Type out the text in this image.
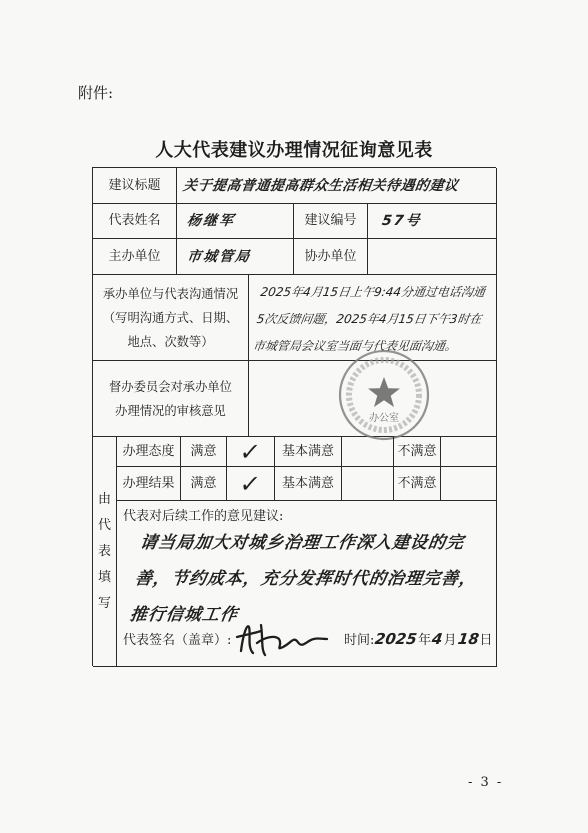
附件:
人大代表建议办理情况征询意见表
建议标题	关于提高普通提高群众生活相关待遇的建议
代表姓名	杨继军	建议编号	57号
主办单位	市城管局	协办单位
承办单位与代表沟通情况（写明沟通方式、日期、地点、次数等）
2025年4月15日上午9:44分通过电话沟通5次反馈问题，2025年4月15日下午3时在市城管局会议室当面与代表见面沟通。
督办委员会对承办单位办理情况的审核意见
办公室
由代表填写
办理态度	满意 ✓	基本满意	不满意
办理结果	满意 ✓	基本满意	不满意
代表对后续工作的意见建议:
请当局加大对城乡治理工作深入建设的完善，节约成本，充分发挥时代的治理完善，推行信城工作
代表签名（盖章）:	时间: 2025 年 4 月 18 日
- 3 -
